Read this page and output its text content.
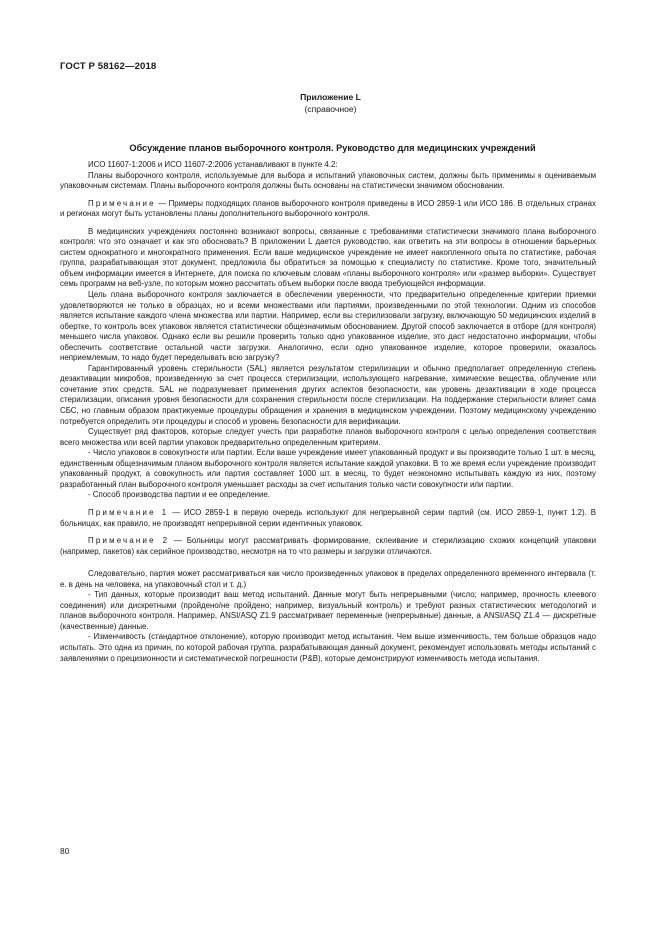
ГОСТ Р 58162—2018
Приложение L
(справочное)
Обсуждение планов выборочного контроля. Руководство для медицинских учреждений

ИСО 11607-1:2006 и ИСО 11607-2:2006 устанавливают в пункте 4.2:

Планы выборочного контроля, используемые для выбора и испытаний упаковочных систем, должны быть применимы к оцениваемым упаковочным системам. Планы выборочного контроля должны быть основаны на статистически значимом обосновании.

Примечание — Примеры подходящих планов выборочного контроля приведены в ИСО 2859-1 или ИСО 186. В отдельных странах и регионах могут быть установлены планы дополнительного выборочного контроля.

В медицинских учреждениях постоянно возникают вопросы, связанные с требованиями статистически значимого плана выборочного контроля: что это означает и как это обосновать? В приложении L дается руководство, как ответить на эти вопросы в отношении барьерных систем однократного и многократного применения. Если ваше медицинское учреждение не имеет накопленного опыта по статистике, рабочая группа, разрабатывающая этот документ, предложила бы обратиться за помощью к специалисту по статистике. Кроме того, значительный объем информации имеется в Интернете, для поиска по ключевым словам «планы выборочного контроля» или «размер выборки». Существует семь программ на веб-узле, по которым можно рассчитать объем выборки после ввода требующейся информации.

Цель плана выборочного контроля заключается в обеспечении уверенности, что предварительно определенные критерии приемки удовлетворяются не только в образцах, но и всеми множествами или партиями, произведенными по этой технологии. Одним из способов является испытание каждого члена множества или партии. Например, если вы стерилизовали загрузку, включающую 50 медицинских изделий в обертке, то контроль всех упаковок является статистически общезначимым обоснованием. Другой способ заключается в отборе (для контроля) меньшего числа упаковок. Однако если вы решили проверить только одно упакованное изделие, это даст недостаточно информации, чтобы обеспечить соответствие остальной части загрузки. Аналогично, если одно упакованное изделие, которое проверили, оказалось неприемлемым, то надо будет переделывать всю загрузку?

Гарантированный уровень стерильности (SAL) является результатом стерилизации и обычно предполагает определенную степень дезактивации микробов, произведенную за счет процесса стерилизации, использующего нагревание, химические вещества, облучение или сочетание этих средств. SAL не подразумевает применения других аспектов безопасности, как уровень дезактивации в ходе процесса стерилизации, описания уровня безопасности для сохранения стерильности после стерилизации. На поддержание стерильности влияет сама СБС, но главным образом практикуемые процедуры обращения и хранения в медицинском учреждении. Поэтому медицинскому учреждению потребуется определить эти процедуры и способ и уровень безопасности для верификации.

Существует ряд факторов, которые следует учесть при разработке планов выборочного контроля с целью определения соответствия всего множества или всей партии упаковок предварительно определенным критериям.

- Число упаковок в совокупности или партии. Если ваше учреждение имеет упакованный продукт и вы производите только 1 шт. в месяц, единственным общезначимым планом выборочного контроля является испытание каждой упаковки. В то же время если учреждение производит упакованный продукт, а совокупность или партия составляет 1000 шт. в месяц, то будет неэкономно испытывать каждую из них, поэтому разработанный план выборочного контроля уменьшает расходы за счет испытания только части совокупности или партии.

- Способ производства партии и ее определение.

Примечание 1 — ИСО 2859-1 в первую очередь используют для непрерывной серии партий (см. ИСО 2859-1, пункт 1.2). В больницах, как правило, не производят непрерывной серии идентичных упаковок.

Примечание 2 — Больницы могут рассматривать формирование, склеивание и стерилизацию схожих концепций упаковки (например, пакетов) как серийное производство, несмотря на то что размеры и загрузки отличаются.

Следовательно, партия может рассматриваться как число произведенных упаковок в пределах определенного временного интервала (т. е. в день на человека, на упаковочный стол и т. д.)

- Тип данных, которые производит ваш метод испытаний. Данные могут быть непрерывными (число; например, прочность клеевого соединения) или дискретными (пройдено/не пройдено; например, визуальный контроль) и требуют разных статистических методологий и планов выборочного контроля. Например, ANSI/ASQ Z1.9 рассматривает переменные (непрерывные) данные, а ANSI/ASQ Z1.4 — дискретные (качественные) данные.

- Изменчивость (стандартное отклонение), которую производит метод испытания. Чем выше изменчивость, тем больше образцов надо испытать. Это одна из причин, по которой рабочая группа, разрабатывающая данный документ, рекомендует использовать методы испытаний с заявлениями о прецизионности и систематической погрешности (P&B), которые демонстрируют изменчивость метода испытания.

80
